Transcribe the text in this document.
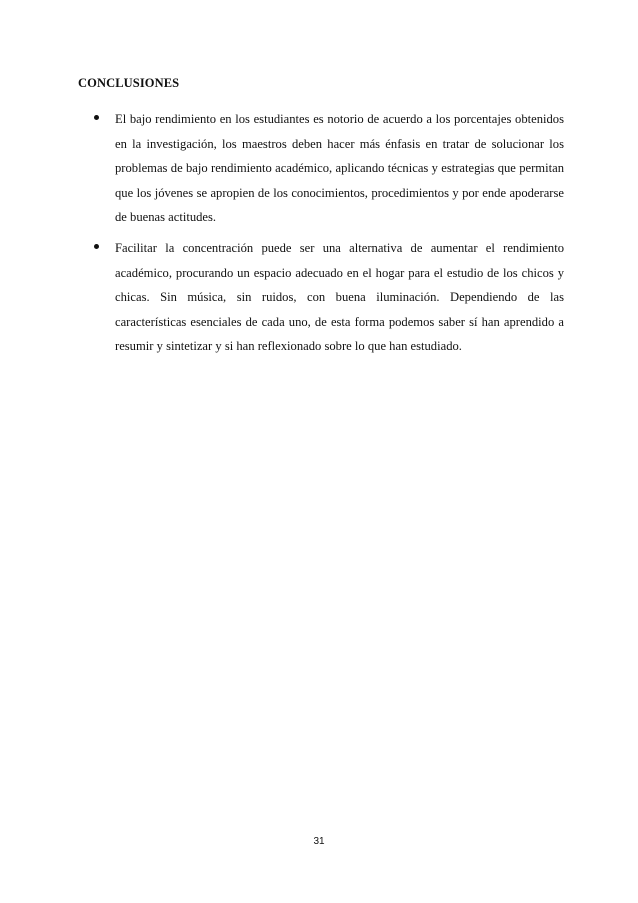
CONCLUSIONES

El bajo rendimiento en los estudiantes es notorio de acuerdo a los porcentajes obtenidos en la investigación, los maestros deben hacer más énfasis en tratar de solucionar los problemas de bajo rendimiento académico, aplicando técnicas y estrategias que permitan que los jóvenes se apropien de los conocimientos, procedimientos y por ende apoderarse de buenas actitudes.

Facilitar la concentración puede ser una alternativa de aumentar el rendimiento académico, procurando un espacio adecuado en el hogar para el estudio de los chicos y chicas. Sin música, sin ruidos, con buena iluminación. Dependiendo de las características esenciales de cada uno, de esta forma podemos saber sí han aprendido a resumir y sintetizar y si han reflexionado sobre lo que han estudiado.

31
